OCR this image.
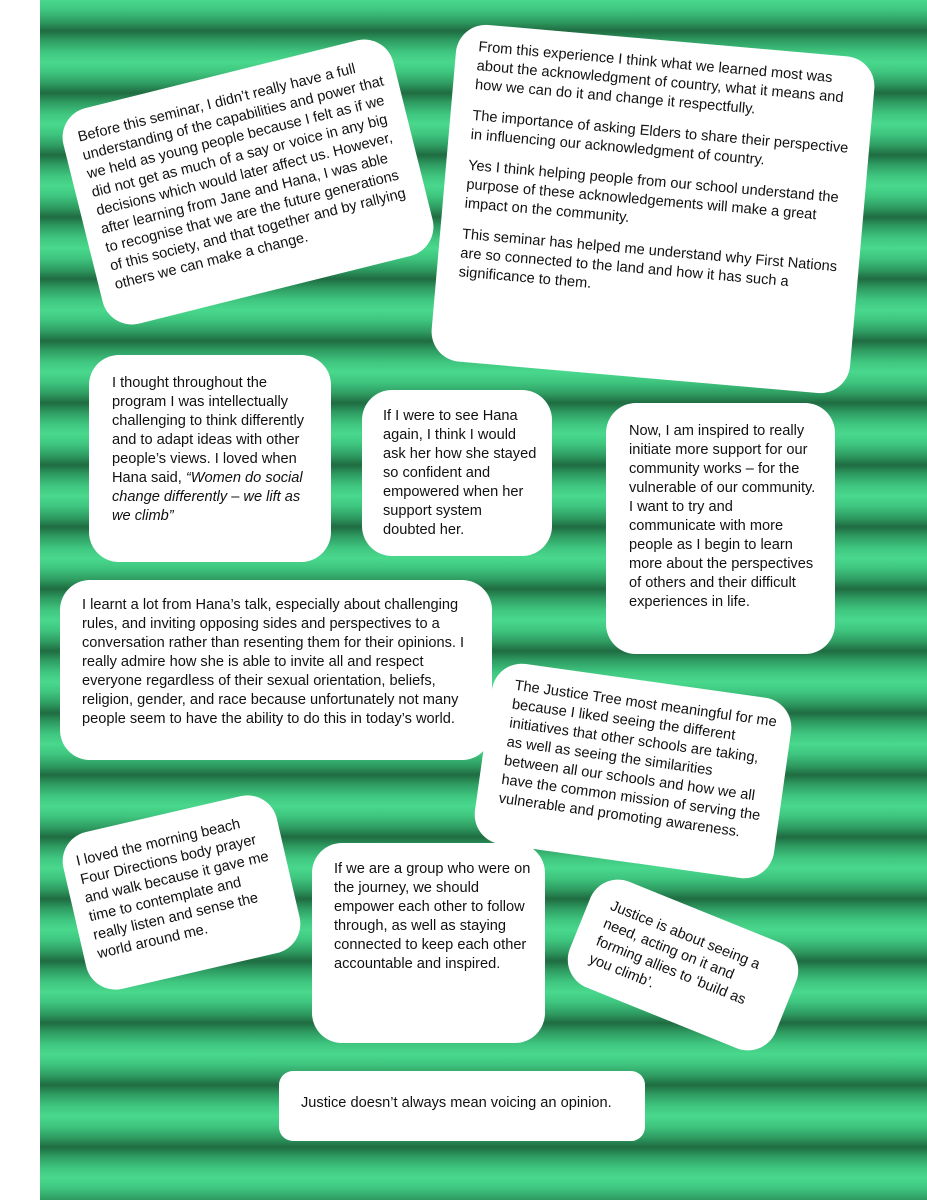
Before this seminar, I didn’t really have a full understanding of the capabilities and power that we held as young people because I felt as if we did not get as much of a say or voice in any big decisions which would later affect us. However, after learning from Jane and Hana, I was able to recognise that we are the future generations of this society, and that together and by rallying others we can make a change.

From this experience I think what we learned most was about the acknowledgment of country, what it means and how we can do it and change it respectfully.

The importance of asking Elders to share their perspective in influencing our acknowledgment of country.

Yes I think helping people from our school understand the purpose of these acknowledgements will make a great impact on the community.

This seminar has helped me understand why First Nations are so connected to the land and how it has such a significance to them.

I thought throughout the program I was intellectually challenging to think differently and to adapt ideas with other people’s views. I loved when Hana said, “Women do social change differently – we lift as we climb”

If I were to see Hana again, I think I would ask her how she stayed so confident and empowered when her support system doubted her.

Now, I am inspired to really initiate more support for our community works – for the vulnerable of our community. I want to try and communicate with more people as I begin to learn more about the perspectives of others and their difficult experiences in life.

I learnt a lot from Hana’s talk, especially about challenging rules, and inviting opposing sides and perspectives to a conversation rather than resenting them for their opinions. I really admire how she is able to invite all and respect everyone regardless of their sexual orientation, beliefs, religion, gender, and race because unfortunately not many people seem to have the ability to do this in today’s world.	The Justice Tree most meaningful for me because I liked seeing the different initiatives that other schools are taking, as well as seeing the similarities between all our schools and how we all have the common mission of serving the vulnerable and promoting awareness.

I loved the morning beach Four Directions body prayer and walk because it gave me time to contemplate and really listen and sense the world around me.

If we are a group who were on the journey, we should empower each other to follow through, as well as staying connected to keep each other accountable and inspired.	Justice is about seeing a need, acting on it and forming allies to ‘build as you climb’.

Justice doesn’t always mean voicing an opinion.
